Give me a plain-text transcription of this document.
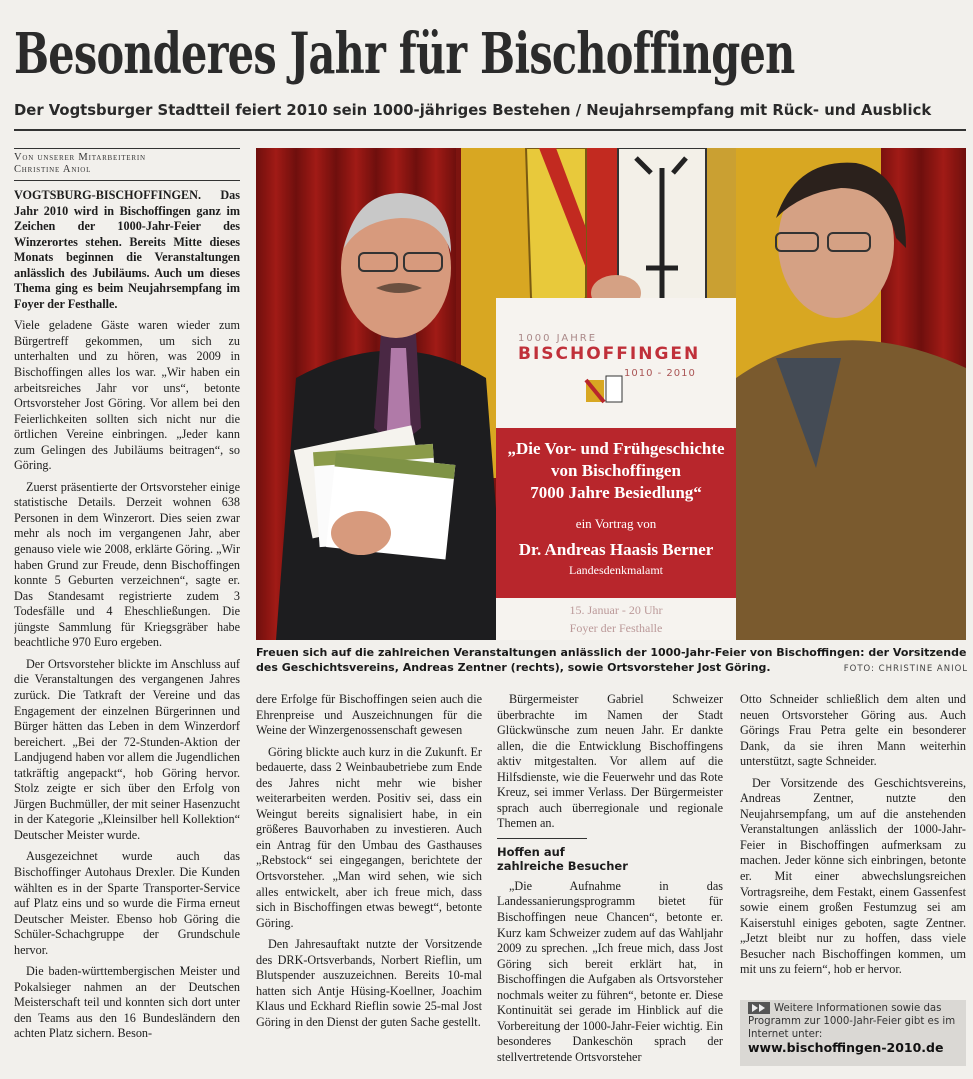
Besonderes Jahr für Bischoffingen
Der Vogtsburger Stadtteil feiert 2010 sein 1000-jähriges Bestehen / Neujahrsempfang mit Rück- und Ausblick
Von unserer Mitarbeiterin
Christine Aniol

VOGTSBURG-BISCHOFFINGEN. Das Jahr 2010 wird in Bischoffingen ganz im Zeichen der 1000-Jahr-Feier des Winzerortes stehen. Bereits Mitte dieses Monats beginnen die Veranstaltungen anlässlich des Jubiläums. Auch um dieses Thema ging es beim Neujahrsempfang im Foyer der Festhalle.

Viele geladene Gäste waren wieder zum Bürgertreff gekommen, um sich zu unterhalten und zu hören, was 2009 in Bischoffingen alles los war. „Wir haben ein arbeitsreiches Jahr vor uns“, betonte Ortsvorsteher Jost Göring. Vor allem bei den Feierlichkeiten sollten sich nicht nur die örtlichen Vereine einbringen. „Jeder kann zum Gelingen des Jubiläums beitragen“, so Göring.

Zuerst präsentierte der Ortsvorsteher einige statistische Details. Derzeit wohnen 638 Personen in dem Winzerort. Dies seien zwar mehr als noch im vergangenen Jahr, aber genauso viele wie 2008, erklärte Göring. „Wir haben Grund zur Freude, denn Bischoffingen konnte 5 Geburten verzeichnen“, sagte er. Das Standesamt registrierte zudem 3 Todesfälle und 4 Eheschließungen. Die jüngste Sammlung für Kriegsgräber habe beachtliche 970 Euro ergeben.

Der Ortsvorsteher blickte im Anschluss auf die Veranstaltungen des vergangenen Jahres zurück. Die Tatkraft der Vereine und das Engagement der einzelnen Bürgerinnen und Bürger hätten das Leben in dem Winzerdorf bereichert. „Bei der 72-Stunden-Aktion der Landjugend haben vor allem die Jugendlichen tatkräftig angepackt“, hob Göring hervor. Stolz zeigte er sich über den Erfolg von Jürgen Buchmüller, der mit seiner Hasenzucht in der Kategorie „Kleinsilber hell Kollektion“ Deutscher Meister wurde.

Ausgezeichnet wurde auch das Bischoffinger Autohaus Drexler. Die Kunden wählten es in der Sparte Transporter-Service auf Platz eins und so wurde die Firma erneut Deutscher Meister. Ebenso hob Göring die Schüler-Schachgruppe der Grundschule hervor.

Die baden-württembergischen Meister und Pokalsieger nahmen an der Deutschen Meisterschaft teil und konnten sich dort unter den Teams aus den 16 Bundesländern den achten Platz sichern. Beson-

1000 JAHRE
BISCHOFFINGEN
1010 - 2010
„Die Vor- und Frühgeschichte
von Bischoffingen
7000 Jahre Besiedlung“
ein Vortrag von
Dr. Andreas Haasis Berner
Landesdenkmalamt
15. Januar - 20 Uhr
Foyer der Festhalle
Freuen sich auf die zahlreichen Veranstaltungen anlässlich der 1000-Jahr-Feier von Bischoffingen: der Vorsitzende des Geschichtsvereins, Andreas Zentner (rechts), sowie Ortsvorsteher Jost Göring.	FOTO: CHRISTINE ANIOL

dere Erfolge für Bischoffingen seien auch die Ehrenpreise und Auszeichnungen für die Weine der Winzergenossenschaft gewesen

Göring blickte auch kurz in die Zukunft. Er bedauerte, dass 2 Weinbaubetriebe zum Ende des Jahres nicht mehr wie bisher weiterarbeiten werden. Positiv sei, dass ein Weingut bereits signalisiert habe, in ein größeres Bauvorhaben zu investieren. Auch ein Antrag für den Umbau des Gasthauses „Rebstock“ sei eingegangen, berichtete der Ortsvorsteher. „Man wird sehen, wie sich alles entwickelt, aber ich freue mich, dass sich in Bischoffingen etwas bewegt“, betonte Göring.

Den Jahresauftakt nutzte der Vorsitzende des DRK-Ortsverbands, Norbert Rieflin, um Blutspender auszuzeichnen. Bereits 10-mal hatten sich Antje Hüsing-Koellner, Joachim Klaus und Eckhard Rieflin sowie 25-mal Jost Göring in den Dienst der guten Sache gestellt.

Bürgermeister Gabriel Schweizer überbrachte im Namen der Stadt Glückwünsche zum neuen Jahr. Er dankte allen, die die Entwicklung Bischoffingens aktiv mitgestalten. Vor allem auf die Hilfsdienste, wie die Feuerwehr und das Rote Kreuz, sei immer Verlass. Der Bürgermeister sprach auch überregionale und regionale Themen an.

Hoffen auf
zahlreiche Besucher

„Die Aufnahme in das Landessanierungsprogramm bietet für Bischoffingen neue Chancen“, betonte er. Kurz kam Schweizer zudem auf das Wahljahr 2009 zu sprechen. „Ich freue mich, dass Jost Göring sich bereit erklärt hat, in Bischoffingen die Aufgaben als Ortsvorsteher nochmals weiter zu führen“, betonte er. Diese Kontinuität sei gerade im Hinblick auf die Vorbereitung der 1000-Jahr-Feier wichtig. Ein besonderes Dankeschön sprach der stellvertretende Ortsvorsteher

Otto Schneider schließlich dem alten und neuen Ortsvorsteher Göring aus. Auch Görings Frau Petra gelte ein besonderer Dank, da sie ihren Mann weiterhin unterstützt, sagte Schneider.

Der Vorsitzende des Geschichtsvereins, Andreas Zentner, nutzte den Neujahrsempfang, um auf die anstehenden Veranstaltungen anlässlich der 1000-Jahr-Feier in Bischoffingen aufmerksam zu machen. Jeder könne sich einbringen, betonte er. Mit einer abwechslungsreichen Vortragsreihe, dem Festakt, einem Gassenfest sowie einem großen Festumzug sei am Kaiserstuhl einiges geboten, sagte Zentner. „Jetzt bleibt nur zu hoffen, dass viele Besucher nach Bischoffingen kommen, um mit uns zu feiern“, hob er hervor.

Weitere Informationen sowie das Programm zur 1000-Jahr-Feier gibt es im Internet unter:
www.bischoffingen-2010.de
